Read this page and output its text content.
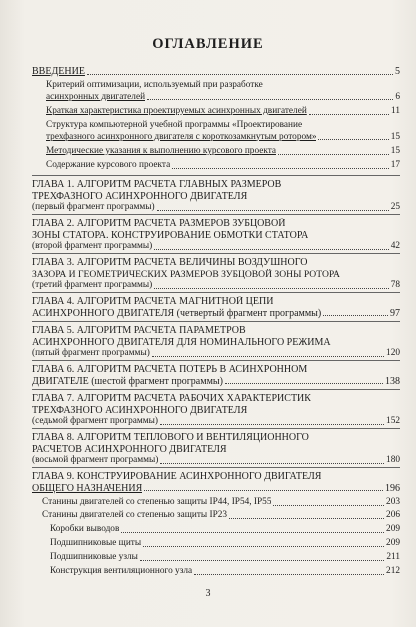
ОГЛАВЛЕНИЕ
ВВЕДЕНИЕ	5
Критерий оптимизации, используемый при разработке
асинхронных двигателей	6
Краткая характеристика проектируемых асинхронных двигателей	11
Структура компьютерной учебной программы «Проектирование
трехфазного асинхронного двигателя с короткозамкнутым ротором»	15
Методические указания к выполнению курсового проекта	15
Содержание курсового проекта	17
ГЛАВА 1. АЛГОРИТМ РАСЧЕТА ГЛАВНЫХ РАЗМЕРОВ
ТРЕХФАЗНОГО АСИНХРОННОГО ДВИГАТЕЛЯ
(первый фрагмент программы)	25
ГЛАВА 2. АЛГОРИТМ РАСЧЕТА РАЗМЕРОВ ЗУБЦОВОЙ
ЗОНЫ СТАТОРА. КОНСТРУИРОВАНИЕ ОБМОТКИ СТАТОРА
(второй фрагмент программы)	42
ГЛАВА 3. АЛГОРИТМ РАСЧЕТА ВЕЛИЧИНЫ ВОЗДУШНОГО
ЗАЗОРА И ГЕОМЕТРИЧЕСКИХ РАЗМЕРОВ ЗУБЦОВОЙ ЗОНЫ РОТОРА
(третий фрагмент программы)	78
ГЛАВА 4. АЛГОРИТМ РАСЧЕТА МАГНИТНОЙ ЦЕПИ
АСИНХРОННОГО ДВИГАТЕЛЯ (четвертый фрагмент программы)	97
ГЛАВА 5. АЛГОРИТМ РАСЧЕТА ПАРАМЕТРОВ
АСИНХРОННОГО ДВИГАТЕЛЯ ДЛЯ НОМИНАЛЬНОГО РЕЖИМА
(пятый фрагмент программы)	120
ГЛАВА 6. АЛГОРИТМ РАСЧЕТА ПОТЕРЬ В АСИНХРОННОМ
ДВИГАТЕЛЕ (шестой фрагмент программы)	138
ГЛАВА 7. АЛГОРИТМ РАСЧЕТА РАБОЧИХ ХАРАКТЕРИСТИК
ТРЕХФАЗНОГО АСИНХРОННОГО ДВИГАТЕЛЯ
(седьмой фрагмент программы)	152
ГЛАВА 8. АЛГОРИТМ ТЕПЛОВОГО И ВЕНТИЛЯЦИОННОГО
РАСЧЕТОВ АСИНХРОННОГО ДВИГАТЕЛЯ
(восьмой фрагмент программы)	180
ГЛАВА 9. КОНСТРУИРОВАНИЕ АСИНХРОННОГО ДВИГАТЕЛЯ
ОБЩЕГО НАЗНАЧЕНИЯ	196
Станины двигателей со степенью защиты IP44, IP54, IP55	203
Станины двигателей со степенью защиты IP23	206
Коробки выводов	209
Подшипниковые щиты	209
Подшипниковые узлы	211
Конструкция вентиляционного узла	212
3
